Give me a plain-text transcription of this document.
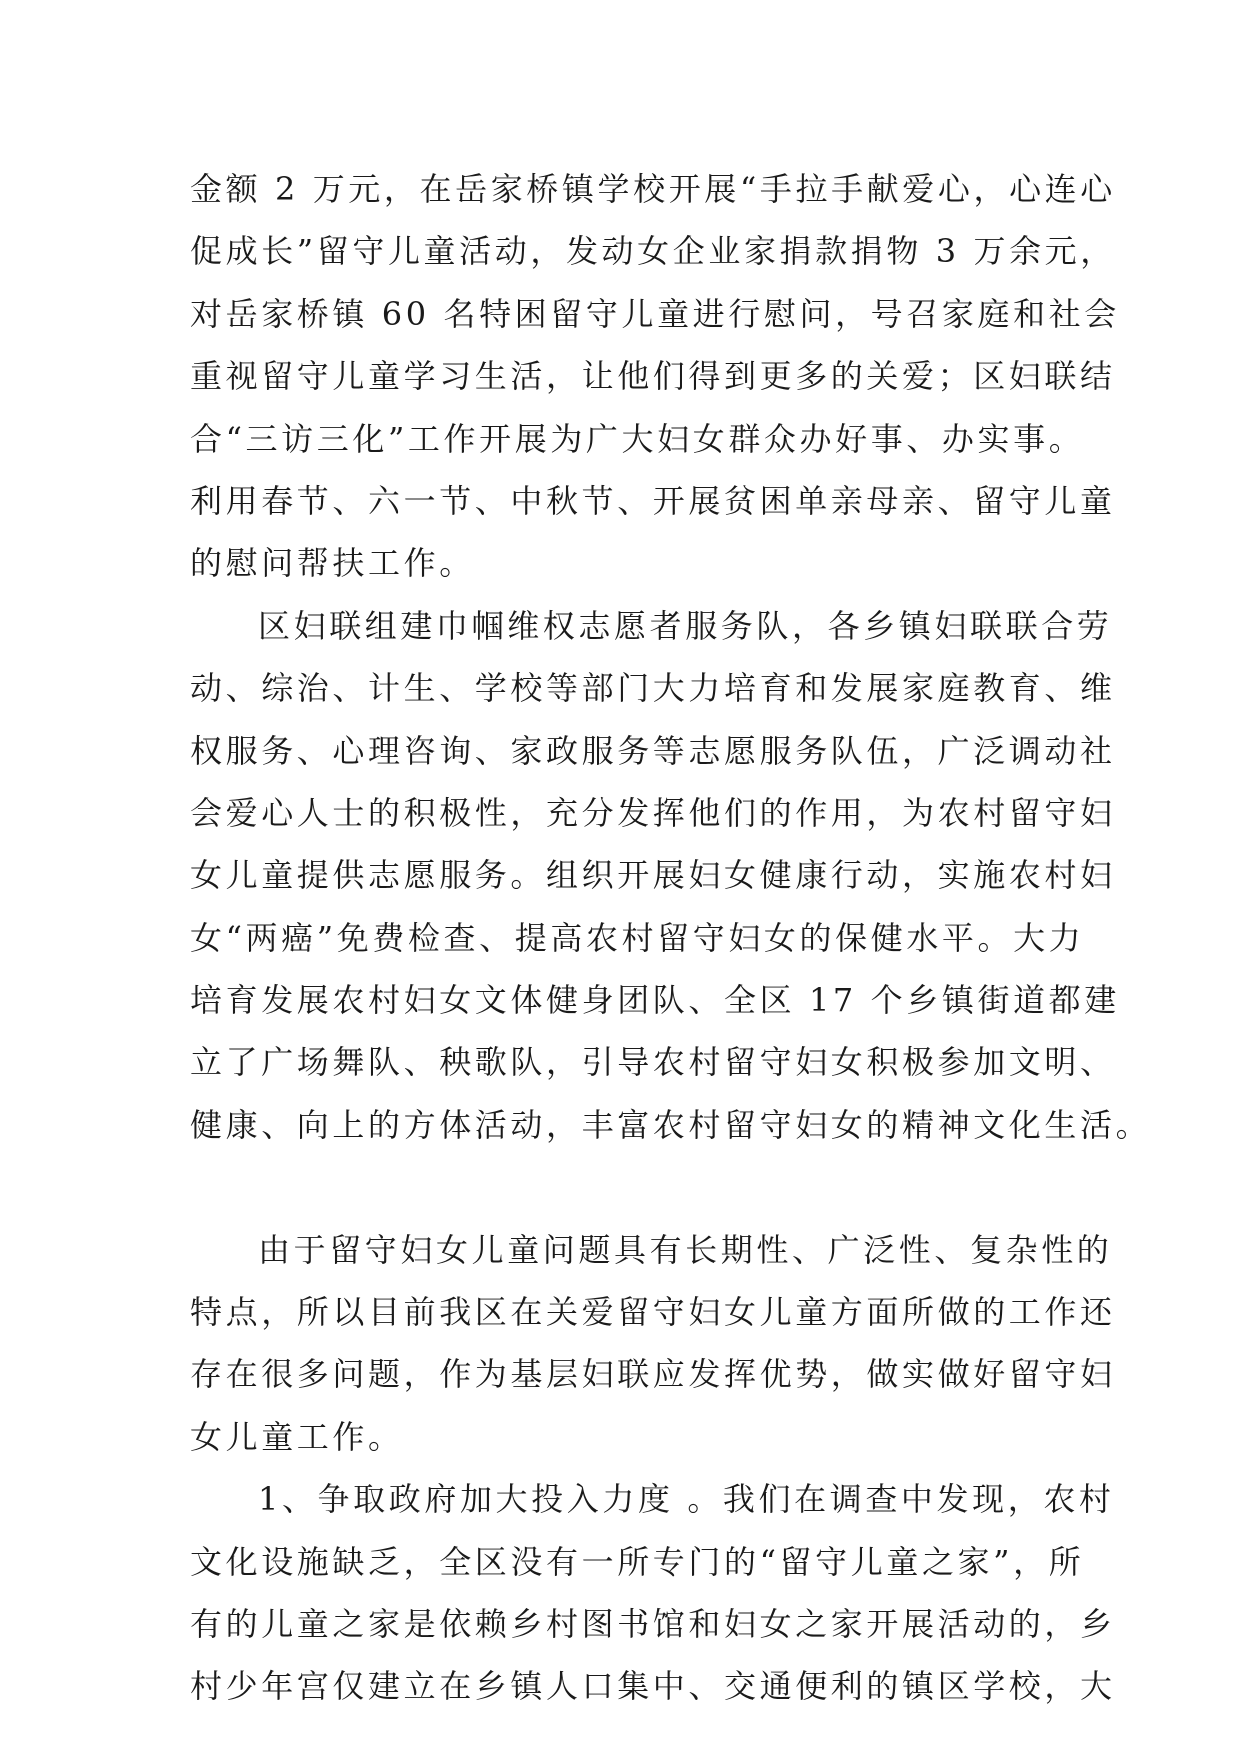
金额 2 万元，在岳家桥镇学校开展“手拉手献爱心，心连心
促成长”留守儿童活动，发动女企业家捐款捐物 3 万余元，
对岳家桥镇 60 名特困留守儿童进行慰问，号召家庭和社会
重视留守儿童学习生活，让他们得到更多的关爱；区妇联结
合“三访三化”工作开展为广大妇女群众办好事、办实事。
利用春节、六一节、中秋节、开展贫困单亲母亲、留守儿童
的慰问帮扶工作。
区妇联组建巾帼维权志愿者服务队，各乡镇妇联联合劳
动、综治、计生、学校等部门大力培育和发展家庭教育、维
权服务、心理咨询、家政服务等志愿服务队伍，广泛调动社
会爱心人士的积极性，充分发挥他们的作用，为农村留守妇
女儿童提供志愿服务。组织开展妇女健康行动，实施农村妇
女“两癌”免费检查、提高农村留守妇女的保健水平。大力
培育发展农村妇女文体健身团队、全区 17 个乡镇街道都建
立了广场舞队、秧歌队，引导农村留守妇女积极参加文明、
健康、向上的方体活动，丰富农村留守妇女的精神文化生活。
由于留守妇女儿童问题具有长期性、广泛性、复杂性的
特点，所以目前我区在关爱留守妇女儿童方面所做的工作还
存在很多问题，作为基层妇联应发挥优势，做实做好留守妇
女儿童工作。
1、争取政府加大投入力度 。我们在调查中发现，农村
文化设施缺乏，全区没有一所专门的“留守儿童之家”，所
有的儿童之家是依赖乡村图书馆和妇女之家开展活动的，乡
村少年宫仅建立在乡镇人口集中、交通便利的镇区学校，大
